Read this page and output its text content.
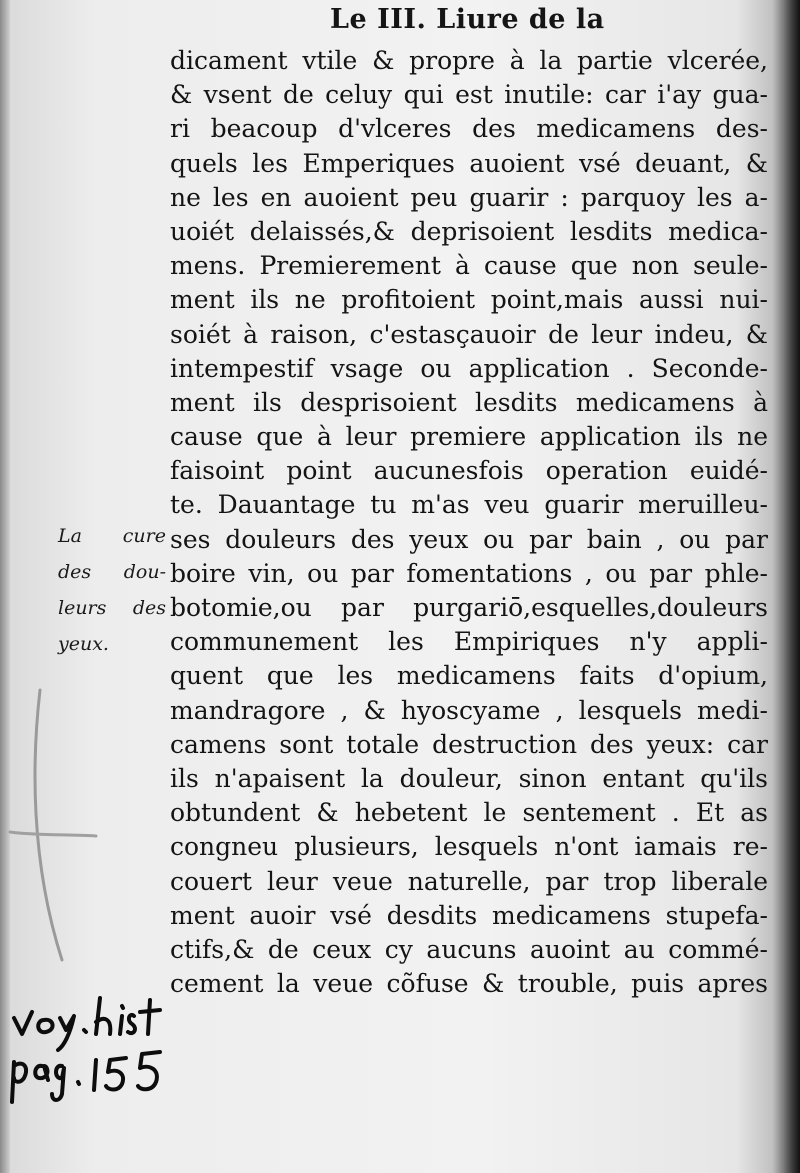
Le III. Liure de la
dicament vtile & propre à la partie vlcerée,
& vsent de celuy qui est inutile: car i'ay gua-
ri beacoup d'vlceres des medicamens des-
quels les Emperiques auoient vsé deuant, &
ne les en auoient peu guarir : parquoy les a-
uoiét delaissés,& deprisoient lesdits medica-
mens. Premierement à cause que non seule-
ment ils ne profitoient point,mais aussi nui-
soiét à raison, c'estasçauoir de leur indeu, &
intempestif vsage ou application . Seconde-
ment ils desprisoient lesdits medicamens à
cause que à leur premiere application ils ne
faisoint point aucunesfois operation euidé-
te. Dauantage tu m'as veu guarir meruilleu-
ses douleurs des yeux ou par bain , ou par
boire vin, ou par fomentations , ou par phle-
botomie,ou par purgariō,esquelles,douleurs
communement les Empiriques n'y appli-
quent que les medicamens faits d'opium,
mandragore , & hyoscyame , lesquels medi-
camens sont totale destruction des yeux: car
ils n'apaisent la douleur, sinon entant qu'ils
obtundent & hebetent le sentement . Et as
congneu plusieurs, lesquels n'ont iamais re-
couert leur veue naturelle, par trop liberale
ment auoir vsé desdits medicamens stupefa-
ctifs,& de ceux cy aucuns auoint au commé-
cement la veue cõfuse & trouble, puis apres
La cure
des dou-
leurs des
yeux.
